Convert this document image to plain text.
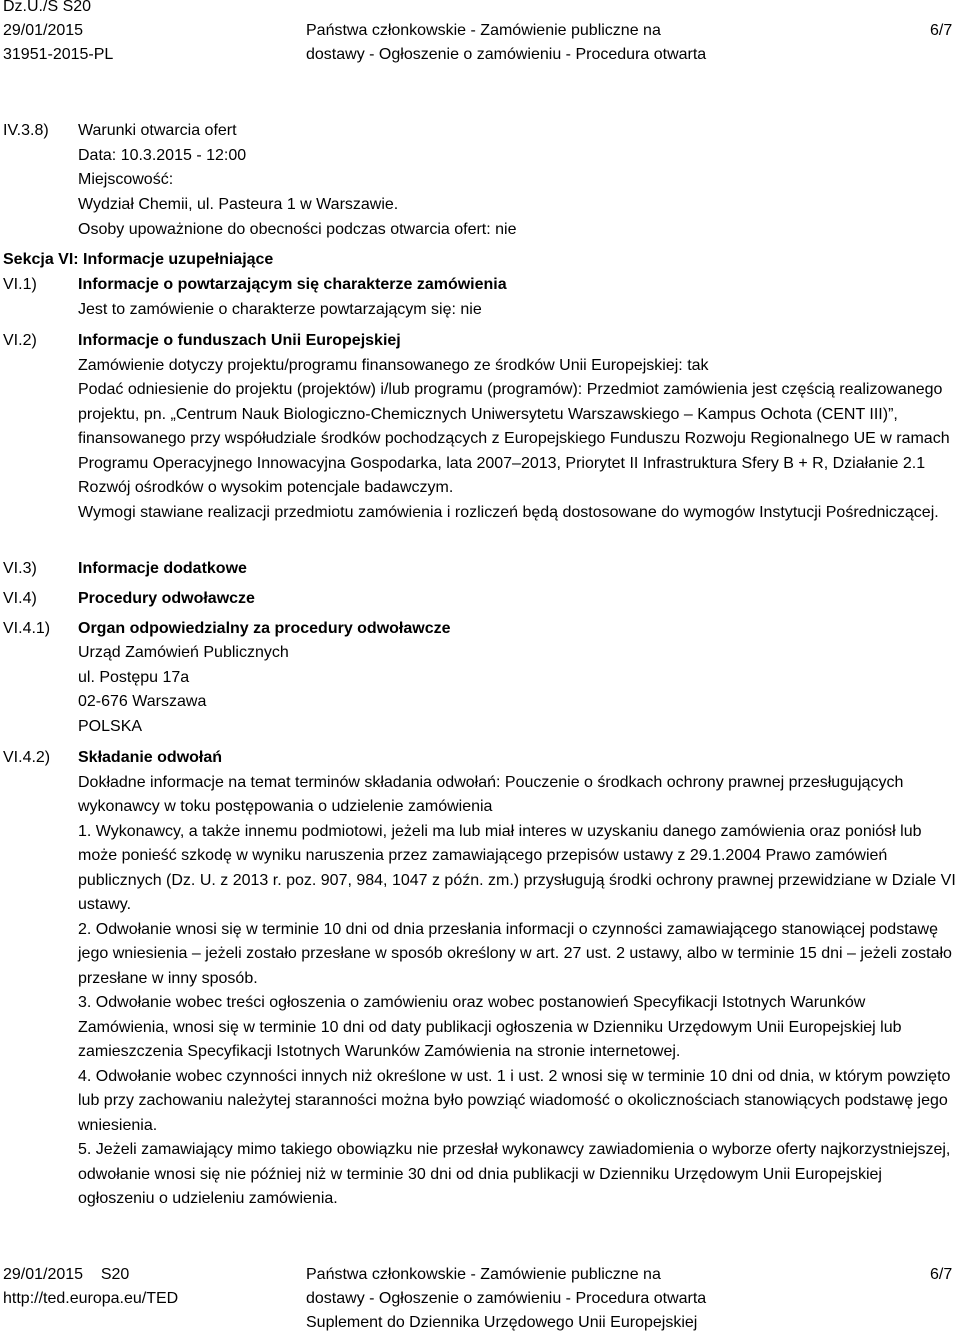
Dz.U./S S20
29/01/2015
31951-2015-PL
Państwa członkowskie - Zamówienie publiczne na
dostawy - Ogłoszenie o zamówieniu - Procedura otwarta
6/7
IV.3.8) Warunki otwarcia ofert
Data: 10.3.2015 - 12:00
Miejscowość:
Wydział Chemii, ul. Pasteura 1 w Warszawie.
Osoby upoważnione do obecności podczas otwarcia ofert: nie
Sekcja VI: Informacje uzupełniające
VI.1)	Informacje o powtarzającym się charakterze zamówienia
Jest to zamówienie o charakterze powtarzającym się: nie
VI.2)	Informacje o funduszach Unii Europejskiej

Zamówienie dotyczy projektu/programu finansowanego ze środków Unii Europejskiej: tak

Podać odniesienie do projektu (projektów) i/lub programu (programów): Przedmiot zamówienia jest częścią realizowanego projektu, pn. „Centrum Nauk Biologiczno-Chemicznych Uniwersytetu Warszawskiego – Kampus Ochota (CENT III)”, finansowanego przy współudziale środków pochodzących z Europejskiego Funduszu Rozwoju Regionalnego UE w ramach Programu Operacyjnego Innowacyjna Gospodarka, lata 2007–2013, Priorytet II Infrastruktura Sfery B + R, Działanie 2.1 Rozwój ośrodków o wysokim potencjale badawczym.

Wymogi stawiane realizacji przedmiotu zamówienia i rozliczeń będą dostosowane do wymogów Instytucji Pośredniczącej.

VI.3)	Informacje dodatkowe
VI.4)	Procedury odwoławcze
VI.4.1) Organ odpowiedzialny za procedury odwoławcze
Urząd Zamówień Publicznych
ul. Postępu 17a
02-676 Warszawa
POLSKA
VI.4.2) Składanie odwołań

Dokładne informacje na temat terminów składania odwołań: Pouczenie o środkach ochrony prawnej przesługujących wykonawcy w toku postępowania o udzielenie zamówienia

1. Wykonawcy, a także innemu podmiotowi, jeżeli ma lub miał interes w uzyskaniu danego zamówienia oraz poniósł lub może ponieść szkodę w wyniku naruszenia przez zamawiającego przepisów ustawy z 29.1.2004 Prawo zamówień publicznych (Dz. U. z 2013 r. poz. 907, 984, 1047 z późn. zm.) przysługują środki ochrony prawnej przewidziane w Dziale VI ustawy.

2. Odwołanie wnosi się w terminie 10 dni od dnia przesłania informacji o czynności zamawiającego stanowiącej podstawę jego wniesienia – jeżeli zostało przesłane w sposób określony w art. 27 ust. 2 ustawy, albo w terminie 15 dni – jeżeli zostało przesłane w inny sposób.

3. Odwołanie wobec treści ogłoszenia o zamówieniu oraz wobec postanowień Specyfikacji Istotnych Warunków Zamówienia, wnosi się w terminie 10 dni od daty publikacji ogłoszenia w Dzienniku Urzędowym Unii Europejskiej lub zamieszczenia Specyfikacji Istotnych Warunków Zamówienia na stronie internetowej.

4. Odwołanie wobec czynności innych niż określone w ust. 1 i ust. 2 wnosi się w terminie 10 dni od dnia, w którym powzięto lub przy zachowaniu należytej staranności można było powziąć wiadomość o okolicznościach stanowiących podstawę jego wniesienia.

5. Jeżeli zamawiający mimo takiego obowiązku nie przesłał wykonawcy zawiadomienia o wyborze oferty najkorzystniejszej, odwołanie wnosi się nie później niż w terminie 30 dni od dnia publikacji w Dzienniku Urzędowym Unii Europejskiej ogłoszeniu o udzieleniu zamówienia.

29/01/2015    S20
http://ted.europa.eu/TED
Państwa członkowskie - Zamówienie publiczne na
dostawy - Ogłoszenie o zamówieniu - Procedura otwarta
Suplement do Dziennika Urzędowego Unii Europejskiej
6/7
